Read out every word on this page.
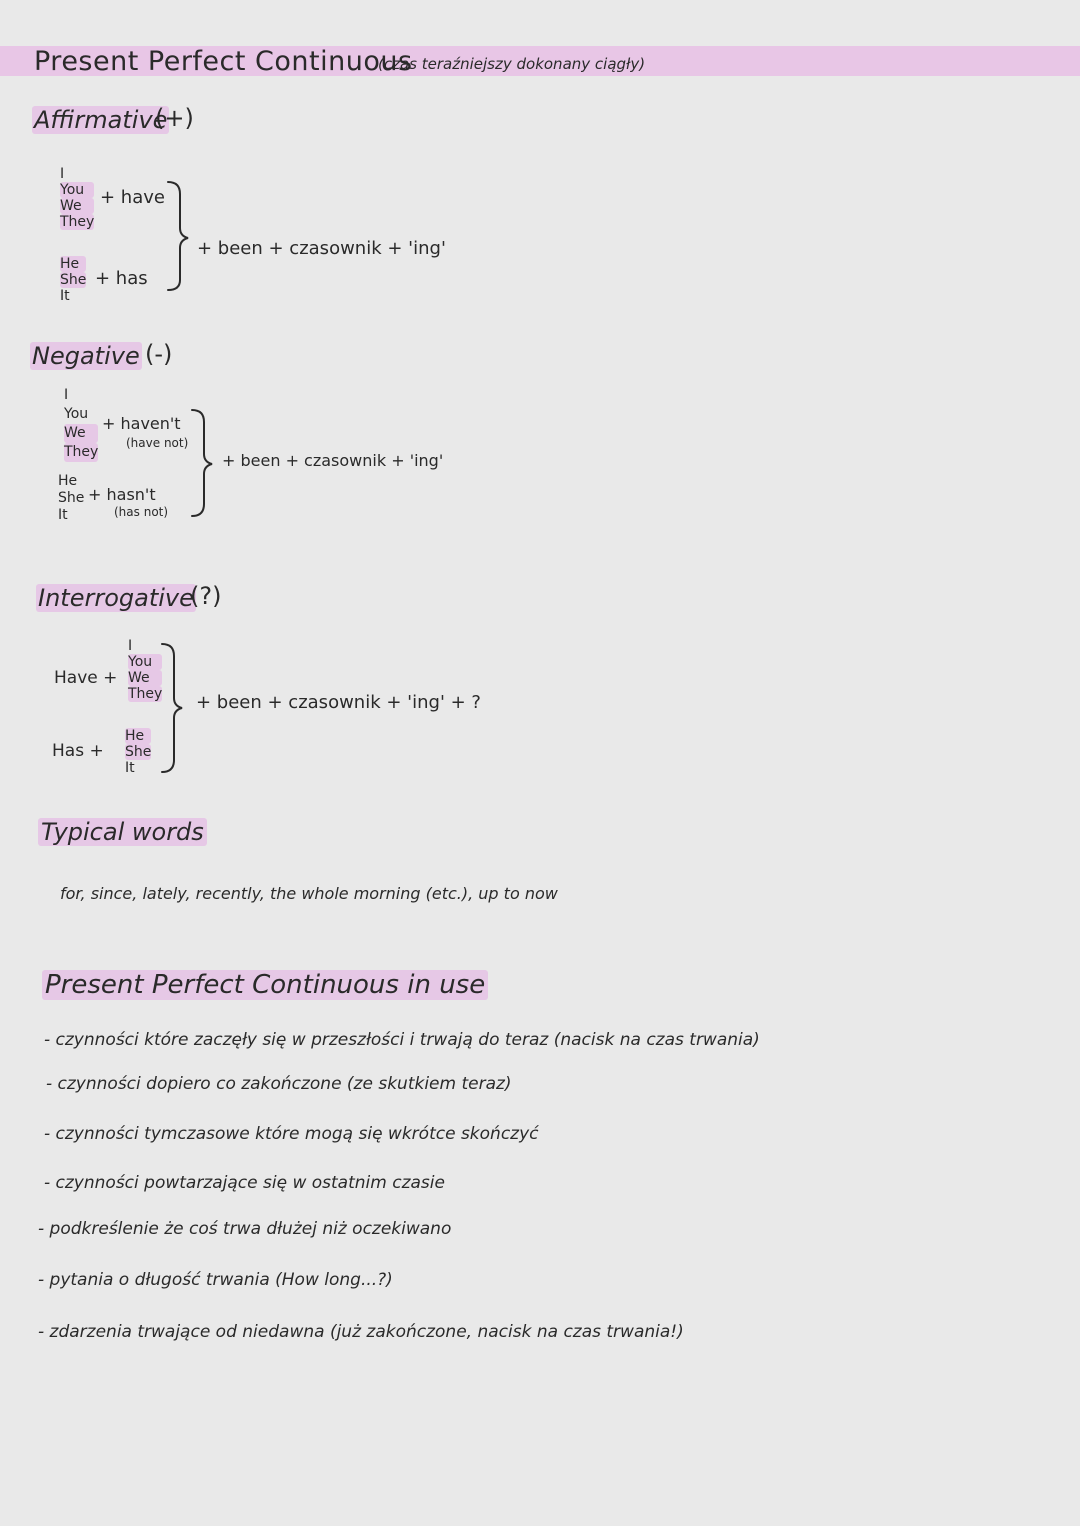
Present Perfect Continuous
(czas teraźniejszy dokonany ciągły)
Affirmative
(+)
I
You
We
They
+ have
He
She
It
+ has
+ been + czasownik + 'ing'
Negative (-)
I
You
We
They
+ haven't
(have not)
He
She
It
+ hasn't
(has not)
+ been + czasownik + 'ing'
Interrogative
(?)
Have +
I
You
We
They
Has +
He
She
It
+ been + czasownik + 'ing' + ?
Typical words
for, since, lately, recently, the whole morning (etc.), up to now
Present Perfect Continuous in use
- czynności które zaczęły się w przeszłości i trwają do teraz (nacisk na czas trwania)
- czynności dopiero co zakończone (ze skutkiem teraz)
- czynności tymczasowe które mogą się wkrótce skończyć
- czynności powtarzające się w ostatnim czasie
- podkreślenie że coś trwa dłużej niż oczekiwano
- pytania o długość trwania (How long...?)
- zdarzenia trwające od niedawna (już zakończone, nacisk na czas trwania!)
